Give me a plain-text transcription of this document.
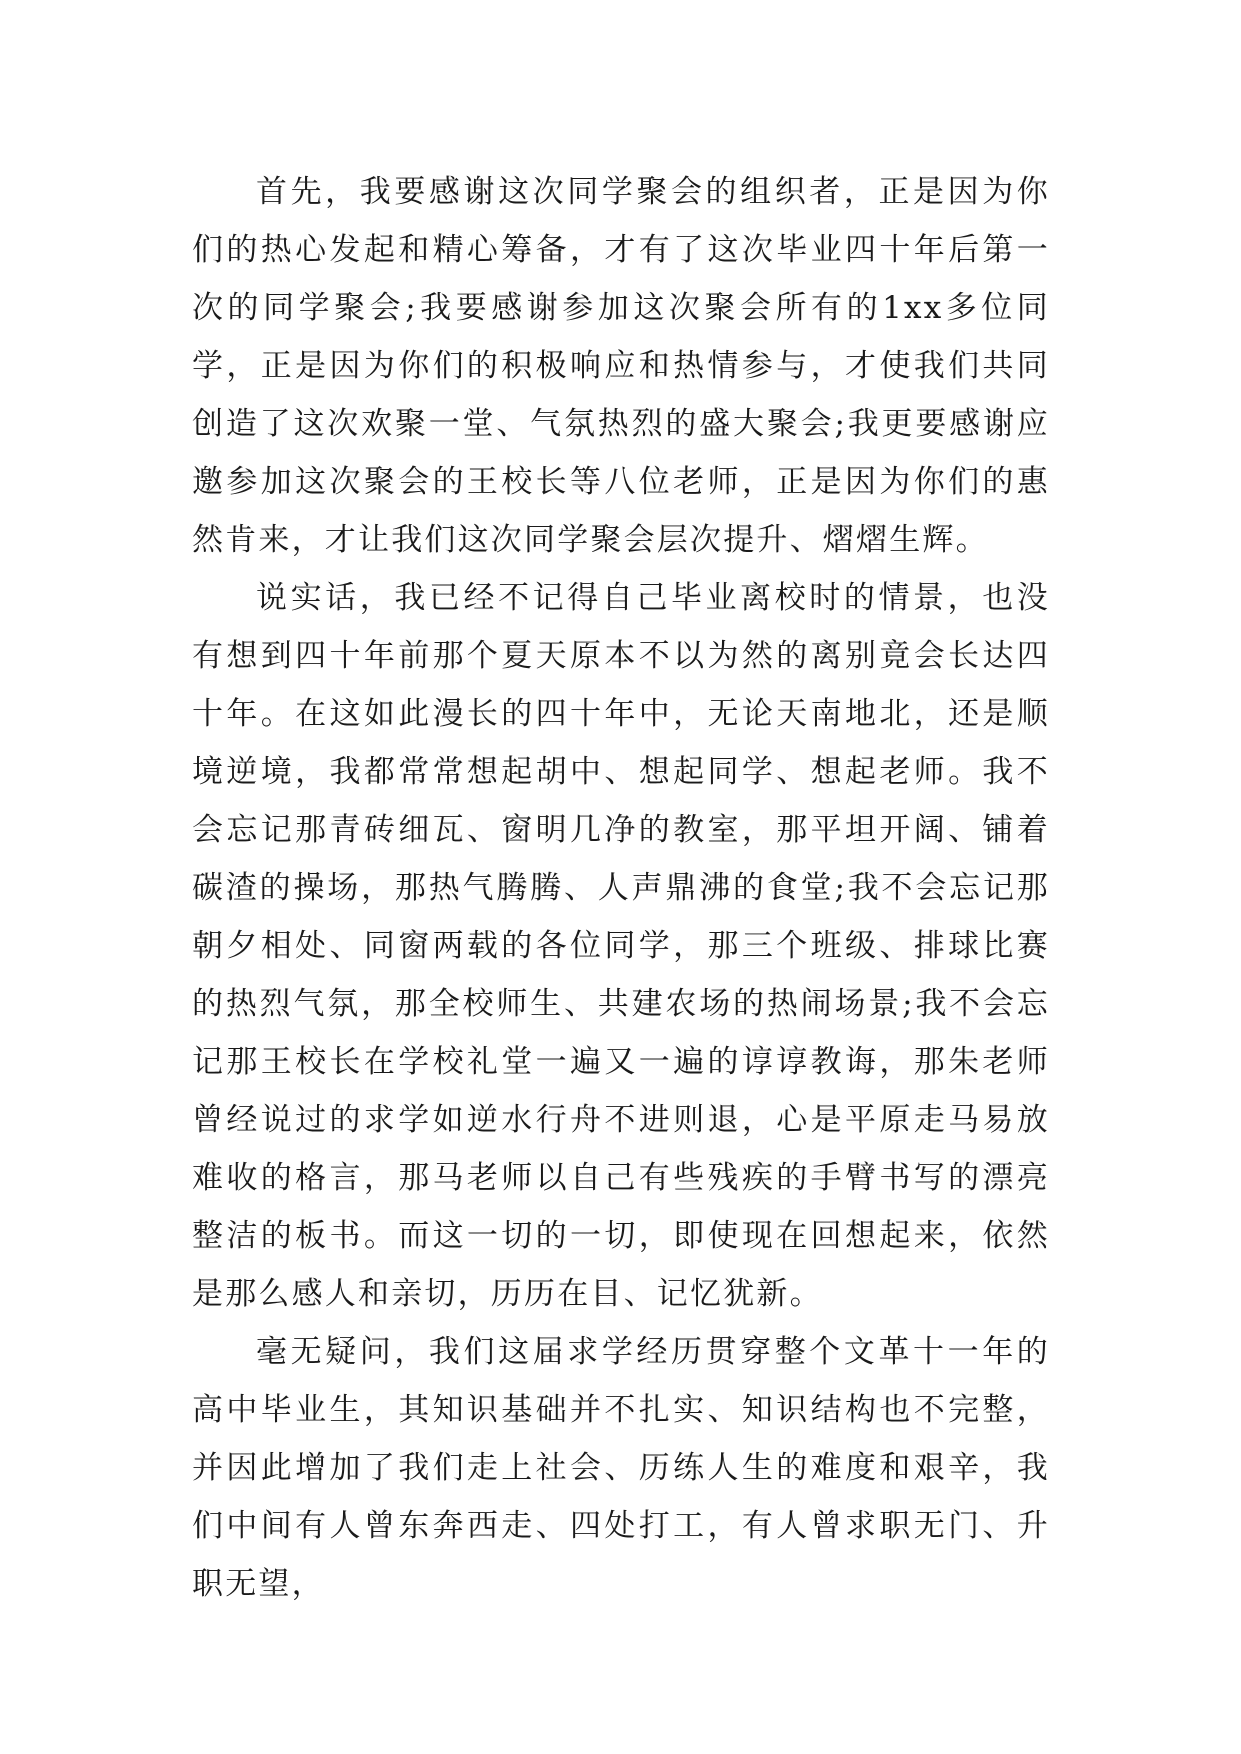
首先，我要感谢这次同学聚会的组织者，正是因为你们的热心发起和精心筹备，才有了这次毕业四十年后第一次的同学聚会;我要感谢参加这次聚会所有的1xx多位同学，正是因为你们的积极响应和热情参与，才使我们共同创造了这次欢聚一堂、气氛热烈的盛大聚会;我更要感谢应邀参加这次聚会的王校长等八位老师，正是因为你们的惠然肯来，才让我们这次同学聚会层次提升、熠熠生辉。

说实话，我已经不记得自己毕业离校时的情景，也没有想到四十年前那个夏天原本不以为然的离别竟会长达四十年。在这如此漫长的四十年中，无论天南地北，还是顺境逆境，我都常常想起胡中、想起同学、想起老师。我不会忘记那青砖细瓦、窗明几净的教室，那平坦开阔、铺着碳渣的操场，那热气腾腾、人声鼎沸的食堂;我不会忘记那朝夕相处、同窗两载的各位同学，那三个班级、排球比赛的热烈气氛，那全校师生、共建农场的热闹场景;我不会忘记那王校长在学校礼堂一遍又一遍的谆谆教诲，那朱老师曾经说过的求学如逆水行舟不进则退，心是平原走马易放难收的格言，那马老师以自己有些残疾的手臂书写的漂亮整洁的板书。而这一切的一切，即使现在回想起来，依然是那么感人和亲切，历历在目、记忆犹新。

毫无疑问，我们这届求学经历贯穿整个文革十一年的高中毕业生，其知识基础并不扎实、知识结构也不完整，并因此增加了我们走上社会、历练人生的难度和艰辛，我们中间有人曾东奔西走、四处打工，有人曾求职无门、升职无望，
